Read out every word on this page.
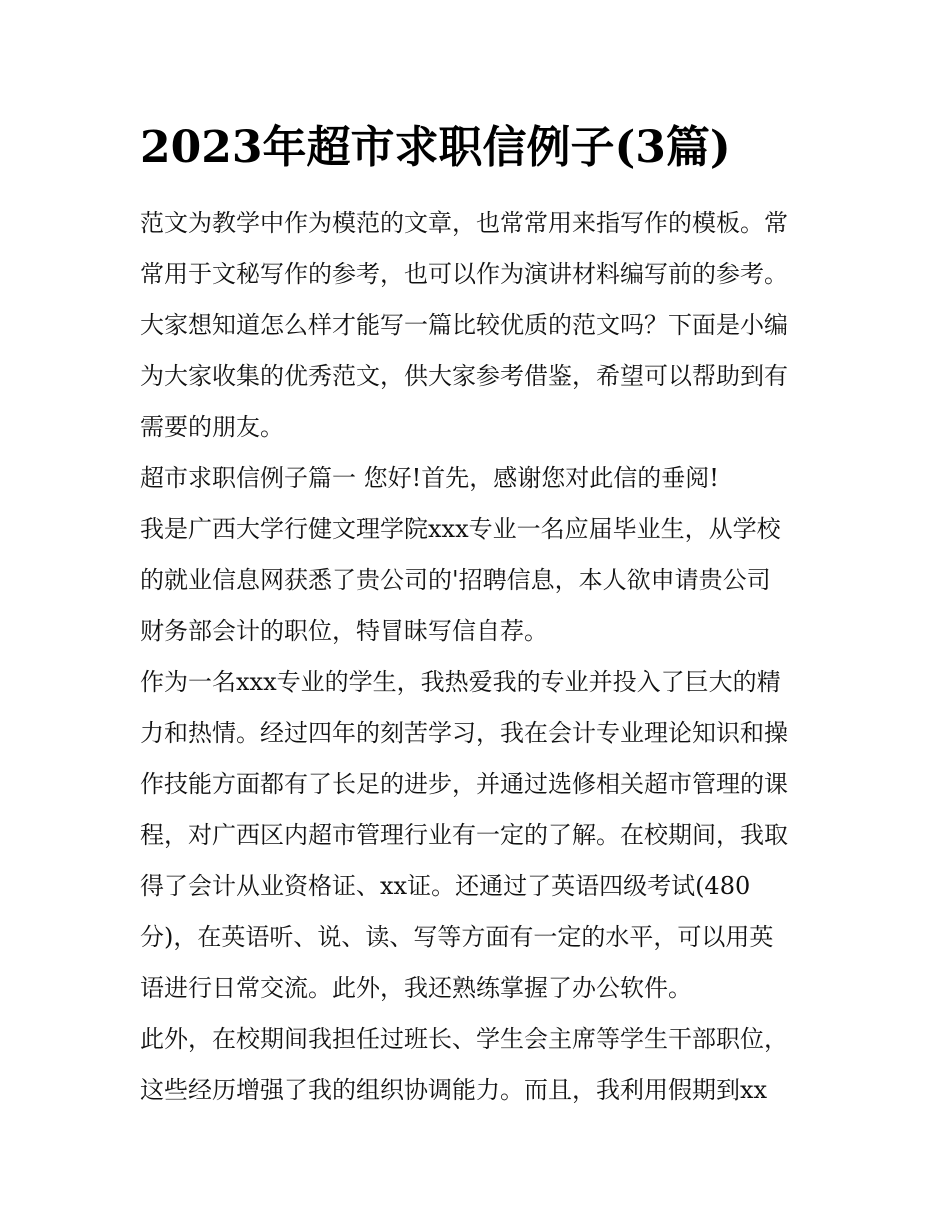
2023年超市求职信例子(3篇)

范文为教学中作为模范的文章，也常常用来指写作的模板。常
常用于文秘写作的参考，也可以作为演讲材料编写前的参考。
大家想知道怎么样才能写一篇比较优质的范文吗？下面是小编
为大家收集的优秀范文，供大家参考借鉴，希望可以帮助到有
需要的朋友。

超市求职信例子篇一 您好!首先，感谢您对此信的垂阅!

我是广西大学行健文理学院xxx专业一名应届毕业生，从学校
的就业信息网获悉了贵公司的'招聘信息，本人欲申请贵公司
财务部会计的职位，特冒昧写信自荐。

作为一名xxx专业的学生，我热爱我的专业并投入了巨大的精
力和热情。经过四年的刻苦学习，我在会计专业理论知识和操
作技能方面都有了长足的进步，并通过选修相关超市管理的课
程，对广西区内超市管理行业有一定的了解。在校期间，我取
得了会计从业资格证、xx证。还通过了英语四级考试(480
分)，在英语听、说、读、写等方面有一定的水平，可以用英
语进行日常交流。此外，我还熟练掌握了办公软件。

此外，在校期间我担任过班长、学生会主席等学生干部职位，
这些经历增强了我的组织协调能力。而且，我利用假期到xx
